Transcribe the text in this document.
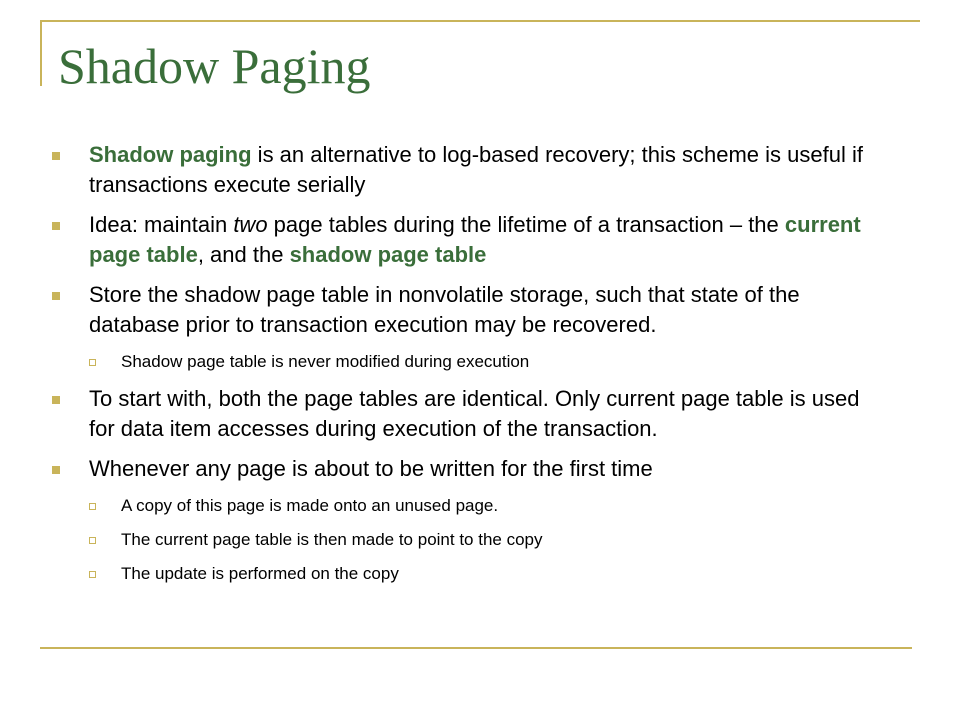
Shadow Paging
Shadow paging is an alternative to log-based recovery; this scheme is useful if transactions execute serially
Idea: maintain two page tables during the lifetime of a transaction – the current page table, and the shadow page table
Store the shadow page table in nonvolatile storage, such that state of the database prior to transaction execution may be recovered.
Shadow page table is never modified during execution
To start with, both the page tables are identical. Only current page table is used for data item accesses during execution of the transaction.
Whenever any page is about to be written for the first time
A copy of this page is made onto an unused page.
The current page table is then made to point to the copy
The update is performed on the copy
